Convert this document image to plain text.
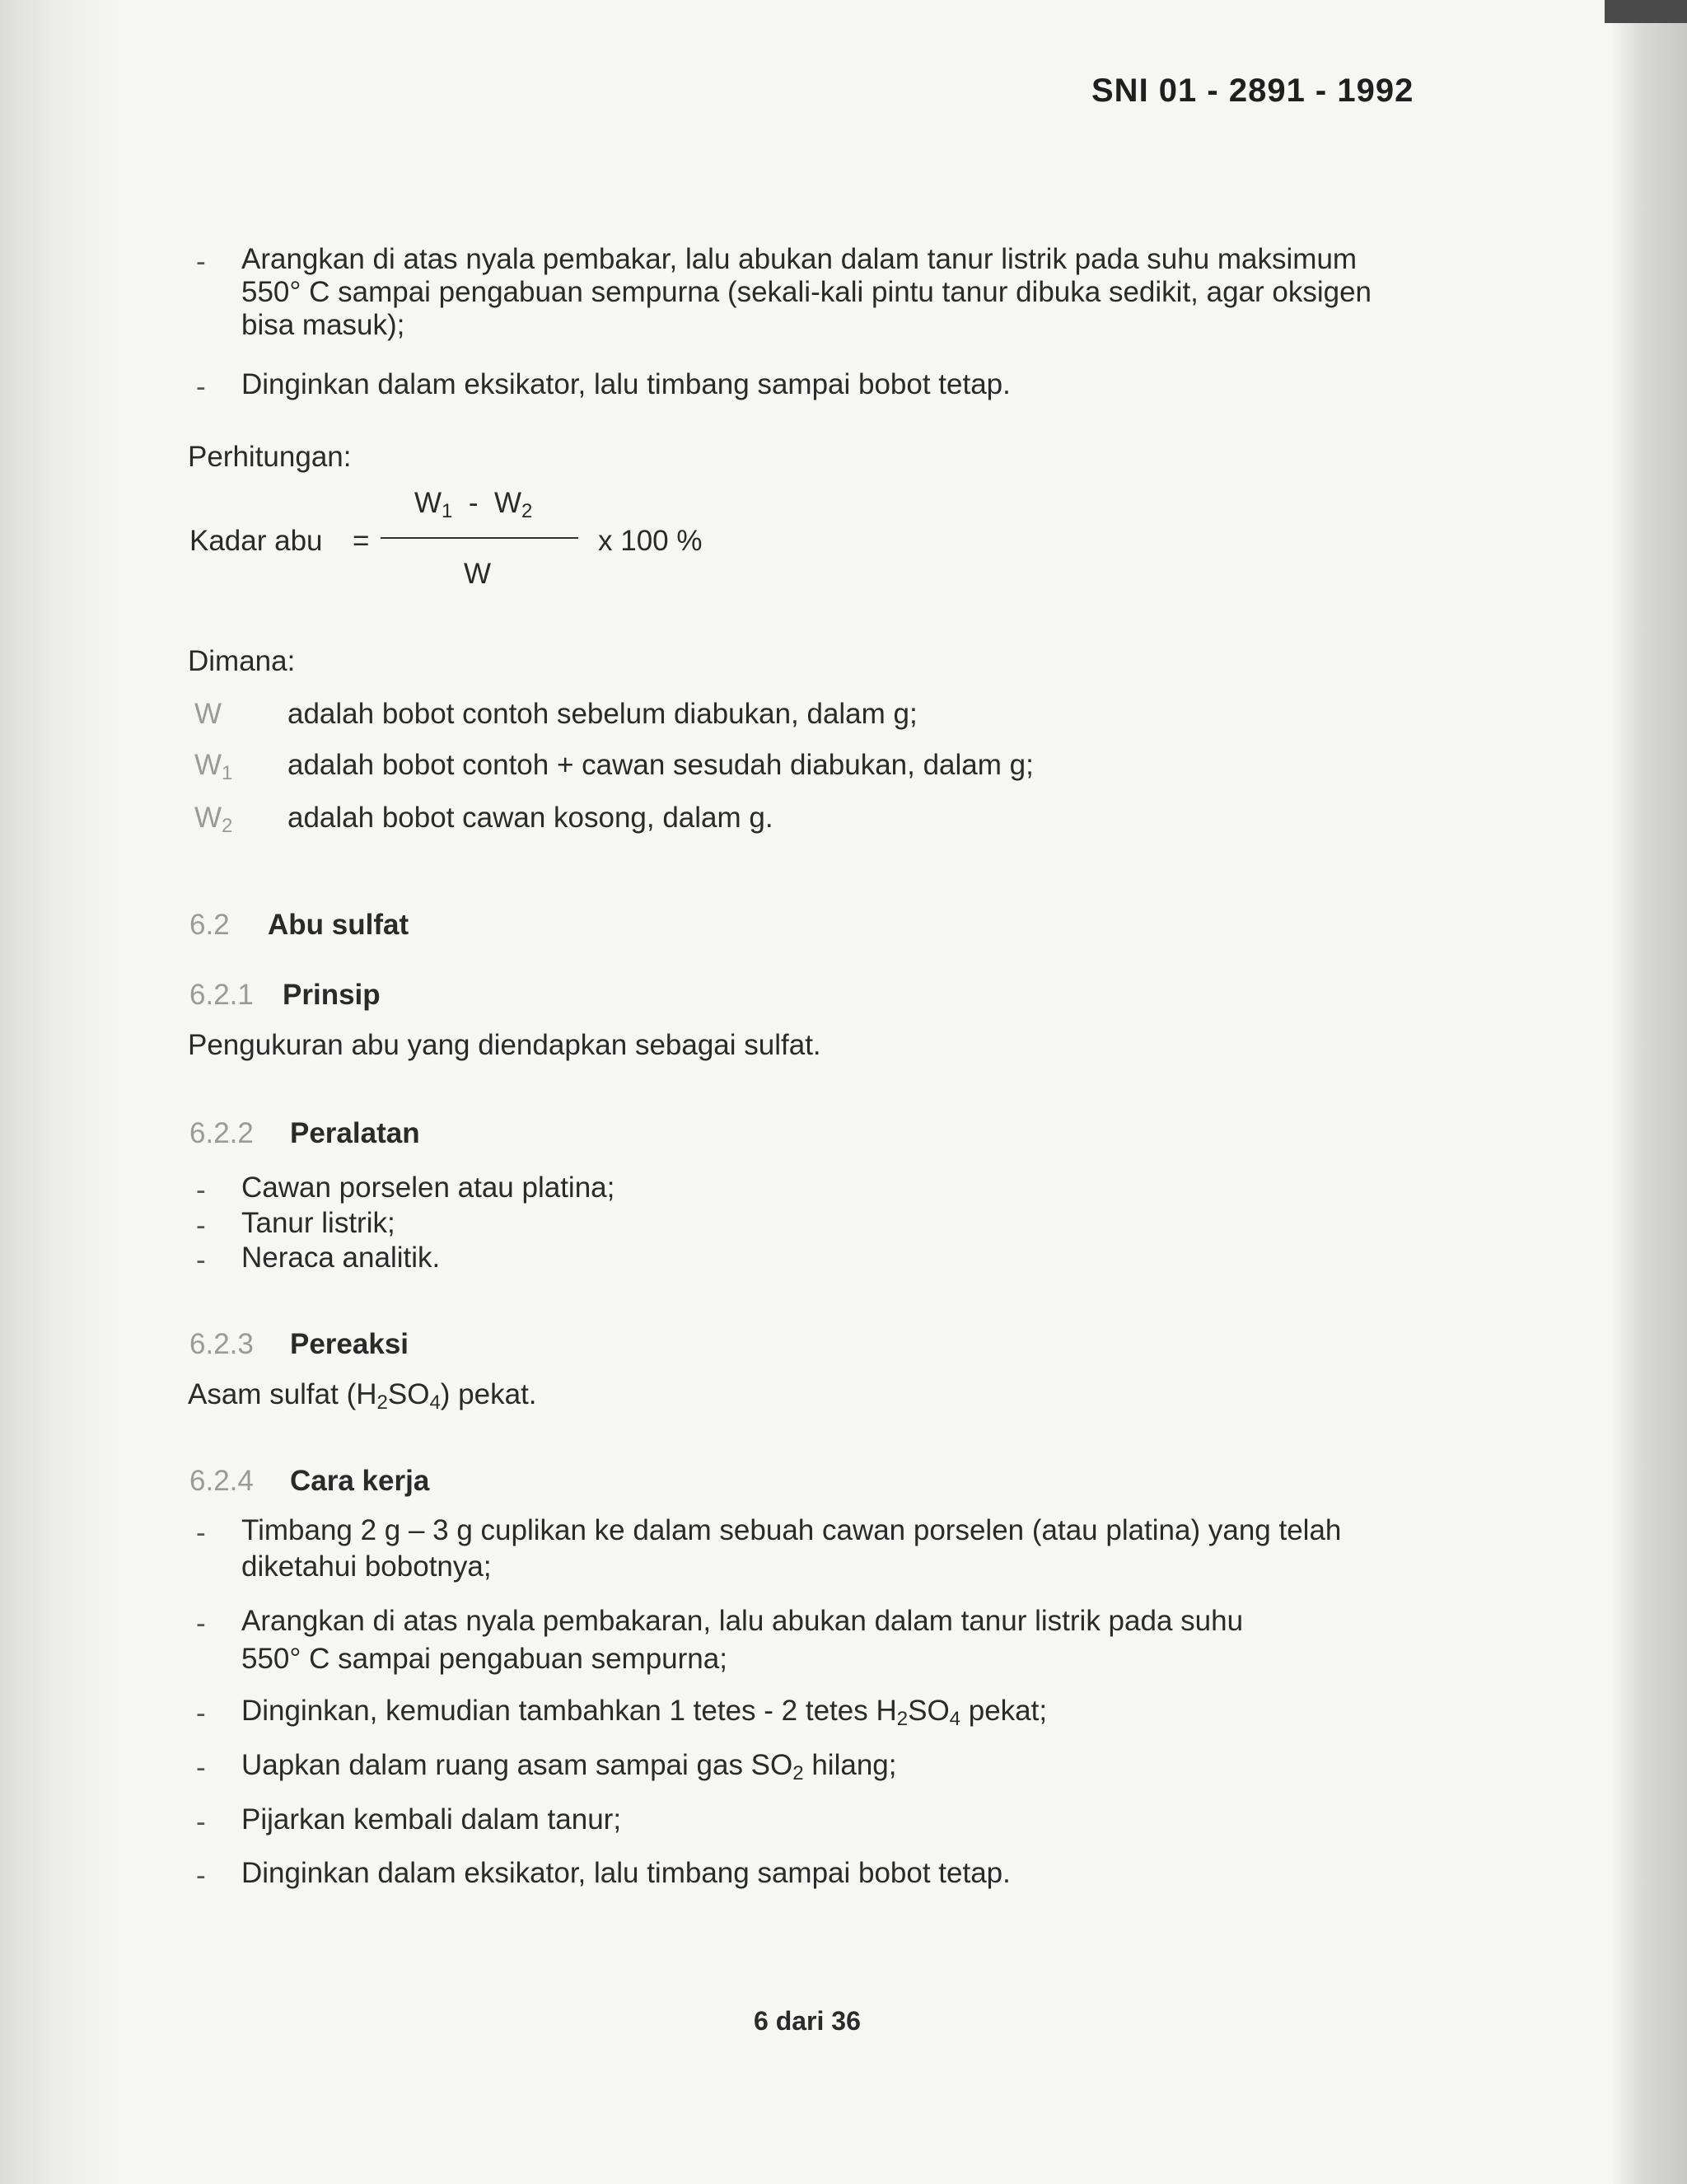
SNI 01 - 2891 - 1992
- Arangkan di atas nyala pembakar, lalu abukan dalam tanur listrik pada suhu maksimum
550° C sampai pengabuan sempurna (sekali-kali pintu tanur dibuka sedikit, agar oksigen
bisa masuk);
- Dinginkan dalam eksikator, lalu timbang sampai bobot tetap.
Perhitungan:
$W_1 - W_2$
Kadar abu =	x 100 %
W
Dimana:
W adalah bobot contoh sebelum diabukan, dalam g;
$W_1$ adalah bobot contoh + cawan sesudah diabukan, dalam g;
$W_2$ adalah bobot cawan kosong, dalam g.
6.2 Abu sulfat
6.2.1 Prinsip
Pengukuran abu yang diendapkan sebagai sulfat.
6.2.2 Peralatan
- Cawan porselen atau platina;
- Tanur listrik;
- Neraca analitik.
6.2.3 Pereaksi
Asam sulfat $(H_2SO_4)$ pekat.
6.2.4 Cara kerja
- Timbang 2 g – 3 g cuplikan ke dalam sebuah cawan porselen (atau platina) yang telah
diketahui bobotnya;
- Arangkan di atas nyala pembakaran, lalu abukan dalam tanur listrik pada suhu
550° C sampai pengabuan sempurna;
- Dinginkan, kemudian tambahkan 1 tetes - 2 tetes $H_2SO_4$ pekat;
- Uapkan dalam ruang asam sampai gas $SO_2$ hilang;
- Pijarkan kembali dalam tanur;
- Dinginkan dalam eksikator, lalu timbang sampai bobot tetap.
6 dari 36
